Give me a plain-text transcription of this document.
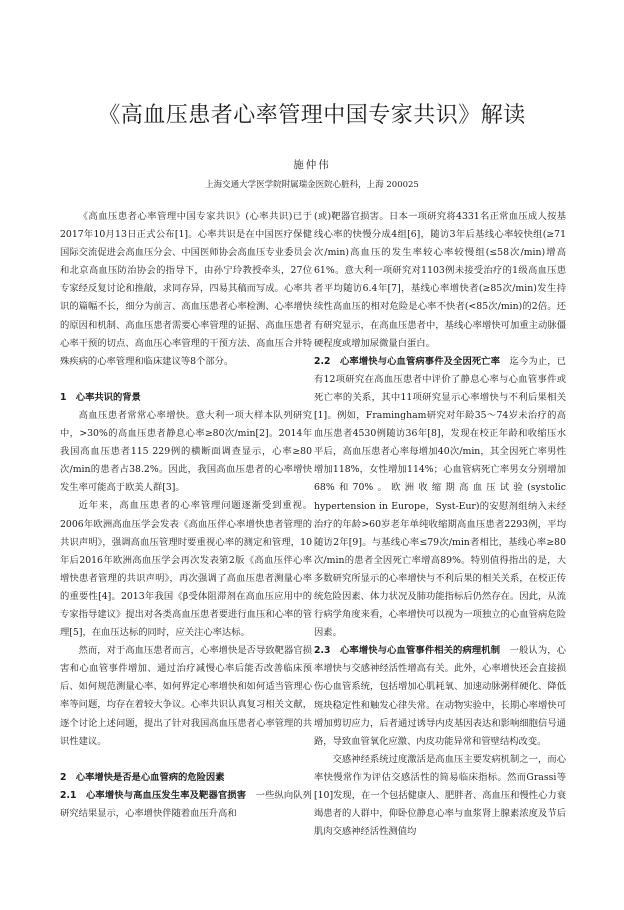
《高血压患者心率管理中国专家共识》解读
施仲伟
上海交通大学医学院附属瑞金医院心脏科，上海 200025

《高血压患者心率管理中国专家共识》(心率共识)已于2017年10月13日正式公布[1]。心率共识是在中国医疗保健国际交流促进会高血压分会、中国医师协会高血压专业委员会和北京高血压防治协会的指导下，由孙宁玲教授牵头，27位专家经反复讨论和推敲，求同存异，四易其稿而写成。心率共识的篇幅不长，细分为前言、高血压患者心率检测、心率增快的原因和机制、高血压患者需要心率管理的证据、高血压患者心率干预的切点、高血压心率管理的干预方法、高血压合并特殊疾病的心率管理和临床建议等8个部分。

1　心率共识的背景

高血压患者常常心率增快。意大利一项大样本队列研究中，>30%的高血压患者静息心率≥80次/min[2]。2014年我国高血压患者115 229例的横断面调查显示，心率≥80次/min的患者占38.2%。因此，我国高血压患者的心率增快发生率可能高于欧美人群[3]。

近年来，高血压患者的心率管理问题逐渐受到重视。2006年欧洲高血压学会发表《高血压伴心率增快患者管理的共识声明》，强调高血压管理时要重视心率的测定和管理，10年后2016年欧洲高血压学会再次发表第2版《高血压伴心率增快患者管理的共识声明》，再次强调了高血压患者测量心率的重要性[4]。2013年我国《β受体阻滞剂在高血压应用中的专家指导建议》提出对各类高血压患者要进行血压和心率的管理[5]，在血压达标的同时，应关注心率达标。

然而，对于高血压患者而言，心率增快是否导致靶器官损害和心血管事件增加、通过治疗减慢心率后能否改善临床预后、如何规范测量心率、如何界定心率增快和如何适当管理心率等问题，均存在着较大争议。心率共识认真复习相关文献，逐个讨论上述问题，提出了针对我国高血压患者心率管理的共识性建议。

2　心率增快是否是心血管病的危险因素

2.1　心率增快与高血压发生率及靶器官损害　 一些纵向队列研究结果显示，心率增快伴随着血压升高和

(或)靶器官损害。日本一项研究将4331名正常血压成人按基线心率的快慢分成4组[6]，随访3年后基线心率较快组(≥71次/min)高血压的发生率较心率较慢组(≤58次/min)增高61%。意大利一项研究对1103例未接受治疗的1级高血压患者平均随访6.4年[7]，基线心率增快者(≥85次/min)发生持续性高血压的相对危险是心率不快者(<85次/min)的2倍。还有研究显示，在高血压患者中，基线心率增快可加重主动脉僵硬程度或增加尿微量白蛋白。

2.2　心率增快与心血管病事件及全因死亡率　 迄今为止，已有12项研究在高血压患者中评价了静息心率与心血管事件或死亡率的关系，其中11项研究显示心率增快与不利后果相关[1]。例如，Framingham研究对年龄35～74岁未治疗的高血压患者4530例随访36年[8]，发现在校正年龄和收缩压水平后，高血压患者心率每增加40次/min，其全因死亡率男性增加118%，女性增加114%；心血管病死亡率男女分别增加68%和70%。欧洲收缩期高血压试验(systolic hypertension in Europe，Syst-Eur)的安慰剂组纳入未经治疗的年龄>60岁老年单纯收缩期高血压患者2293例，平均随访2年[9]。与基线心率≤79次/min者相比，基线心率≥80次/min的患者全因死亡率增高89%。特别值得指出的是，大多数研究所显示的心率增快与不利后果的相关关系，在校正传统危险因素、体力状况及肺功能指标后仍然存在。因此，从流行病学角度来看，心率增快可以视为一项独立的心血管病危险因素。

2.3　心率增快与心血管事件相关的病理机制　 一般认为，心率增快与交感神经活性增高有关。此外，心率增快还会直接损伤心血管系统，包括增加心肌耗氧、加速动脉粥样硬化、降低斑块稳定性和触发心律失常。在动物实验中，长期心率增快可增加剪切应力，后者通过诱导内皮基因表达和影响细胞信号通路，导致血管氧化应激、内皮功能异常和管壁结构改变。

交感神经系统过度激活是高血压主要发病机制之一，而心率快慢常作为评估交感活性的简易临床指标。然而Grassi等[10]发现，在一个包括健康人、肥胖者、高血压和慢性心力衰竭患者的人群中，仰卧位静息心率与血浆肾上腺素浓度及节后肌肉交感神经活性测值均
